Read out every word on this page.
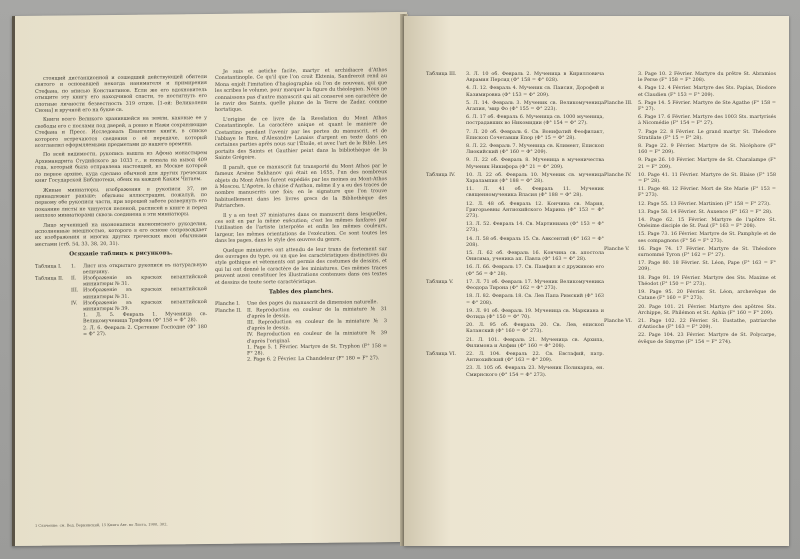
стоящий дистанционной и сошедший действующей обители святого и основавшей некогда нанимателя и примирения Стефана, по вписью Константинов. Если же его вдохновитель отыщите эту книгу его находчивой спасти, то постигнуть его плотные личности безвестность 319 отцов. [1-ой: Великолепн Сиона] и вручной его на букве св.

Книги всего Великого хранившейся на земли, каковые ее у свободы его с послами под дверей, а ровно и Нажи сохраняющие Стефана и Пресс. Исследовать Евангелие книги, в списке которого встречаются сведения о её передаче, который возглавлял оформляемыми предметами до нашего времени.

По всей видимости, рукопись вышла из Афона монастырем Архимандрита Студийского до 1033 г., и попала на вывод 409 года, который была отправлена настоящей, из Москве которой по первое архиве, куда сделано обычной для других греческих книг Государской Библиотеки, обеих на каждой Каким Читаем.

Живые миниатюры, изображения в рукописи 37, не принадлежат раньше; обильны иллюстрации, пожалуй, по первому обе рукописи части, при хорошей заботе развернуть его покаяние листы не чинуется пеленой, расписей в книге и перед неплохо миниатюрами сквозь соединена в эти миниатюры.

Лицо мученицей на икононаписи иконописного рукоделия, исполненные внешностью, которого в его основе сопровождает их изображения и многих других греческих икон обычными местами (стб. 54, 33, 38, 20, 31).

Осяханiе таблицъ к рисунковъ.
Таблица I.	1.	Лист изъ открытаго рукописи въ натуральную величину.
Таблица II.	II.	Изображенiе въ красках византийской миниатюры № 31.
III. Изображенiе въ красках византийской миниатюры № 31.
IV.	Изображенiе въ красках византийской миниатюры № 39.
1. Л. 5. Февраль 1. Мученица св. Великомученица Трифона (Ф° 158 = Ф° 28).
2. Л. 6. Февраль 2. Сретение Господне (Ф° 180 = Ф° 27).

Je suis et aetiche facite, martyr et archidiacre d'Athos Constantinople. Ce qu'il que l'on croit Ektenia, Sandreroit rend au Mona enjolt l'imitation d'hagiographie où l'on de nouveau, qui que les scribes le volume, pour marquer la figure du théologien. Nous ne connaissons pas d'autre manuscrit qui ait conservé son caractère de le ravir des Saints, quelle plume de la Terre de Zadar, comme hortatique.

L'origine de ce livre de la Revelation du Mont Athos Constantinople. La caractère unique et quant le maniere de Costantino pendant l'avenir par les portes du manuscrit, et de l'abbaye le Rire, d'Alexandre Lanaiss d'argent en texte dans en certaines parties après nous sur l'Étoile, et avec l'art de le Bible. Les portaits des Saints et Gauthier peint dans la bibliothèque de la Sainte Grégoire.

Il paraît, que ce manuscrit fut transporté du Mont Athos par le fameux Arsène Sukhanov qui était en 1655, l'un des nombreux objets du Mont Athos furent expédiés par les moines au Mont-Athos à Moscou. L'Apotre, la chaise d'Anthon, même il y a eu des traces de nombre manuscrits une fois; en le signature que l'on trouve habituellement dans les livres grecs de la Bibliothèque des Patriarches.

Il y a en tout 37 miniatures dans ce manuscrit dans lesquelles, ces soit en par la même exécution; c'est les mêmes fanfares par l'utilisation de l'artiste interprète et enfin les mêmes couleurs, largeur, les mêmes orientations de l'exécution. Ce sont toutes les dans les pages, dans le style des œuvres du genre.

Quelque miniatures ont attendu de leur trans de fortement sur des ouvrages du type, ou un que les caractéristiques distinctives du style gothique et vêtements ont permis des costumes de dessins, et qui lui ont donné le caractère de les miniatures. Ces mêmes traces peuvent aussi constituer les illustrations contenues dans ces textes et dessins de toute sorte caractéristique.

Tables des planches.
Planche I.	Une des pages du manuscrit de dimension naturelle.
Planche II.	II. Reproduction en couleur de la miniature № 31 d'après le dessin.
III. Reproduction en couleur de la miniature № 3 d'après le dessin.
IV. Reproduction en couleur de la miniature № 39 d'après l'original.
1. Page 5. 1 Février. Martyre de St. Tryphon (F° 158 = F° 28).
2. Page 6. 2 Février. La Chandeleur (F° 180 = F° 27).
1 Сличение: см. Вед. Вернинский, 15 Книга Авт. во Листа, 1900, 302.
Таблица III.	3. Л. 10 об. Февраль 2. Мученица в Кирилловича Аврамия Персид (Ф° 158 = Ф° 028).
4. Л. 12. Февраль 4. Мученик св. Паисия, Дорофей и Казимировна (Ф° 153 = Ф° 209).
5. Л. 14. Февраль 3. Мученик св. Великомученица Агапия, 'мир Фо (Ф° 155 = Ф° 223).
6. Л. 17 об. Февраль 6. Мученица св. 1000 мученица, пострадавших во Никомидии (Ф° 154 = Ф° 27).
7. Л. 20 об. Февраль 6. Св. Вонифатий Феофилакт, Епископ Сочетавши Епор (Ф° 15 = Ф° 28).
8. Л. 22. Февраль 7. Мученица св. Климент, Епископ Лиокийский (Ф° 160 = Ф° 209).
9. Л. 22 об. Февраль 8. Мученица в мученичества Мученик Никифора (Ф° 21 = Ф° 209).
Таблица IV.	10. Л. 22 об. Февраль 10. Мученик св. мученица Харалампия (Ф° 188 = Ф° 28).
11. Л. 41 об. Февраль 11. Мученик священномученика Власия (Ф° 188 = Ф° 28).
12. Л. 48 об. Февраль 12. Кончина св. Мария, Григорьевны Антиохийского Марина (Ф° 153 = Ф° 273).
13. Л. 52. Февраль 14. Св. Мартиниана (Ф° 153 = Ф° 273).
14. Л. 58 об. Февраль 15. Св. Авксентий (Ф° 163 = Ф° 208).
15. Л. 62 об. Февраль 16. Кончина св. апостола Онисима, ученика ап. Павла (Ф° 163 = Ф° 28).
16. Л. 66. Февраль 17. Св. Памфил и с дружиною его (Ф° 56 = Ф° 28).
Таблица V.	17. Л. 71 об. Февраль 17. Мученик Великомученика Феодора Тирона (Ф° 162 = Ф° 273).
18. Л. 82. Февраль 18. Св. Лев Папа Римский (Ф° 163 = Ф° 208).
19. Л. 91 об. Февраль 19. Мученица св. Маркиана и Фотида (Ф° 150 = Ф° 70).
20. Л. 95 об. Февраль 20. Св. Лев, епископ Катанский (Ф° 160 = Ф° 273).
21. Л. 101. Февраль 21. Мученица св. Архипа, Филимона и Апфии (Ф° 160 = Ф° 208).
Таблица VI.	22. Л. 104. Февраль 22. Св. Евстафий, патр. Антиохийский (Ф° 163 = Ф° 209).
23. Л. 105 об. Февраль 23. Мученик Поликарпа, ен. Смирнского (Ф° 154 = Ф° 273).
3. Page 10. 2 Février. Martyre du prêtre St. Abramios le Perse (F° 158 = F° 208).
4. Page 12. 4 Février. Martyre des Sts. Papias, Diodore et Claudien (F° 153 = F° 209).
Planche III.	5. Page 14. 5 Février. Martyre de Ste Agathe (F° 158 = F° 27).
6. Page 17. 6 Février. Martyre des 1003 Sts. martyrisés à Nicomédie (F° 154 = F° 27).
7. Page 22. 8 Février. Le grand martyr St. Théodore Stratilate (F° 15 = F° 28).
8. Page 22. 9 Février. Martyre de St. Nicéphore (F° 160 = F° 209).
9. Page 26. 10 Février. Martyre de St. Charalampe (F° 21 = F° 209).
Planche IV.	10. Page 41. 11 Février. Martyre de St. Blaise (F° 158 = F° 28).
11. Page 48. 12 Février. Mort de Ste Marie (F° 153 = F° 273).
12. Page 55. 13 Février. Martinien (F° 158 = F° 273).
13. Page 58. 14 Février. St. Auxence (F° 163 = F° 28).
14. Page 62. 15 Février. Martyre de l'apôtre St. Onésime disciple de St. Paul (F° 163 = F° 208).
15. Page 73. 16 Février. Martyre de St. Pamphyle et de ses compagnons (F° 56 = F° 273).
Planche V.	16. Page 74. 17 Février. Martyre de St. Théodore surnommé Tyron (F° 162 = F° 27).
17. Page 80. 18 Février. St. Léon, Pape (F° 163 = F° 209).
18. Page 91. 19 Février. Martyre des Sts. Maxime et Théodot (F° 150 = F° 273).
19. Page 95. 20 Février. St. Léon, archevêque de Catane (F° 160 = F° 273).
20. Page 101. 21 Février. Martyre des apôtres Sts. Archippe, St. Philémon et St. Aphia (F° 160 = F° 209).
Planche VI.	21. Page 102. 22 Février. St. Eustathe, patriarche d'Antioche (F° 163 = F° 209).
22. Page 104. 23 Février. Martyre de St. Polycarpe, évêque de Smyrne (F° 154 = F° 274).
